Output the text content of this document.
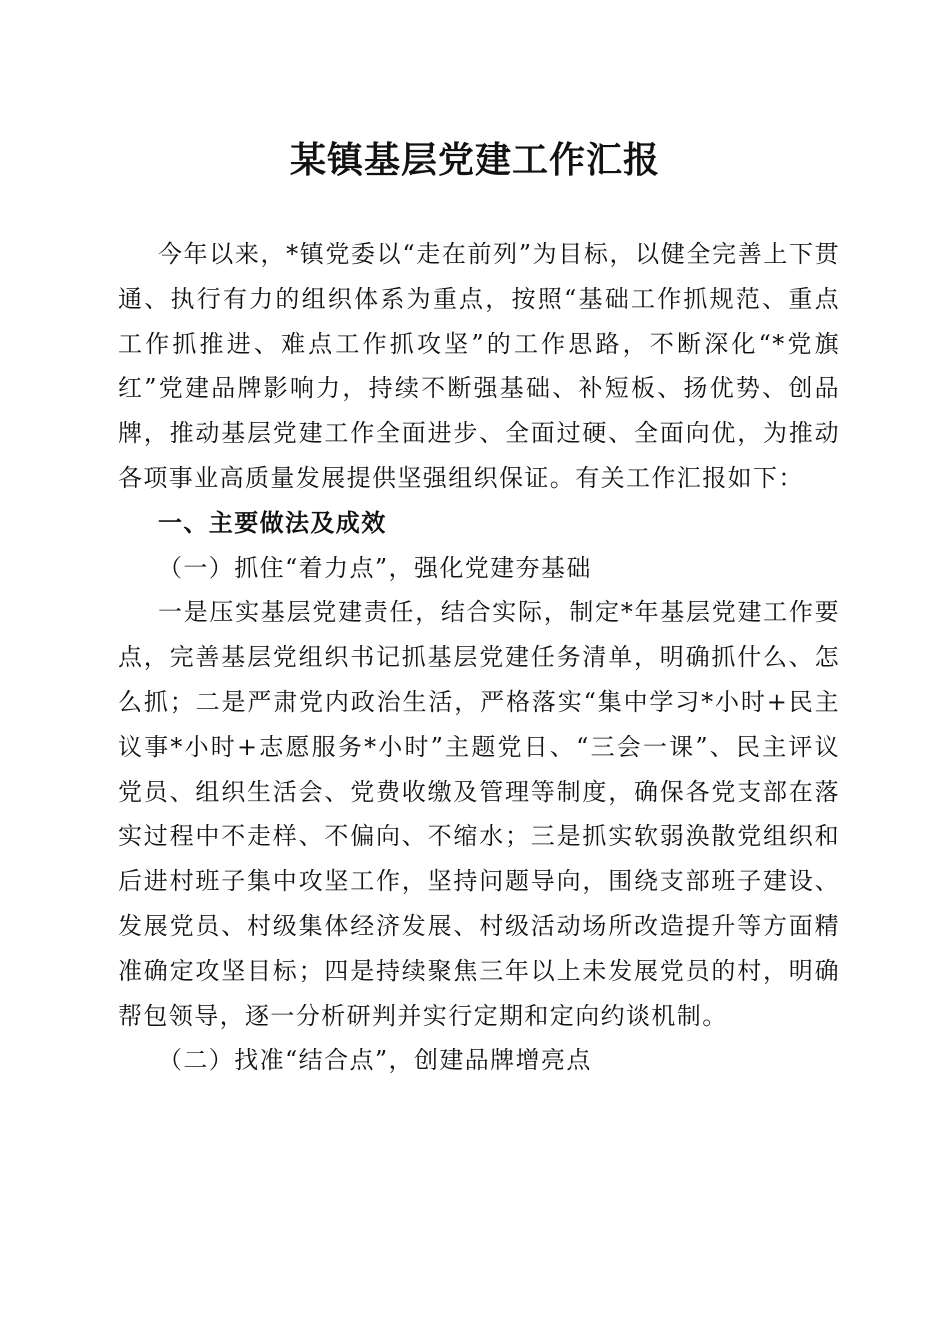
某镇基层党建工作汇报

今年以来，*镇党委以“走在前列”为目标，以健全完善上下贯通、执行有力的组织体系为重点，按照“基础工作抓规范、重点工作抓推进、难点工作抓攻坚”的工作思路，不断深化“*党旗红”党建品牌影响力，持续不断强基础、补短板、扬优势、创品牌，推动基层党建工作全面进步、全面过硬、全面向优，为推动各项事业高质量发展提供坚强组织保证。有关工作汇报如下：

一、主要做法及成效

（一）抓住“着力点”，强化党建夯基础

一是压实基层党建责任，结合实际，制定*年基层党建工作要点，完善基层党组织书记抓基层党建任务清单，明确抓什么、怎么抓；二是严肃党内政治生活，严格落实“集中学习*小时+民主议事*小时+志愿服务*小时”主题党日、“三会一课”、民主评议党员、组织生活会、党费收缴及管理等制度，确保各党支部在落实过程中不走样、不偏向、不缩水；三是抓实软弱涣散党组织和后进村班子集中攻坚工作，坚持问题导向，围绕支部班子建设、发展党员、村级集体经济发展、村级活动场所改造提升等方面精准确定攻坚目标；四是持续聚焦三年以上未发展党员的村，明确帮包领导，逐一分析研判并实行定期和定向约谈机制。

（二）找准“结合点”，创建品牌增亮点
